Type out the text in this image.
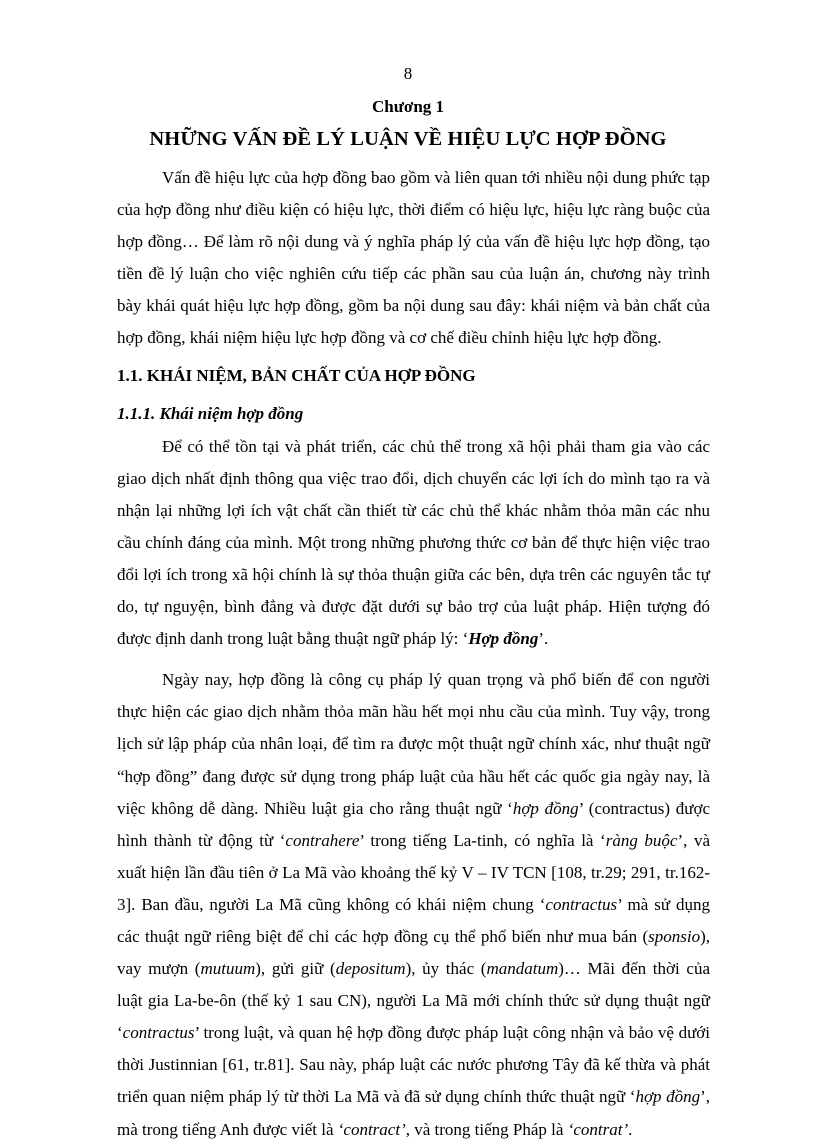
8
Chương 1
NHỮNG VẤN ĐỀ LÝ LUẬN VỀ HIỆU LỰC HỢP ĐỒNG

Vấn đề hiệu lực của hợp đồng bao gồm và liên quan tới nhiều nội dung phức tạp của hợp đồng như điều kiện có hiệu lực, thời điểm có hiệu lực, hiệu lực ràng buộc của hợp đồng… Để làm rõ nội dung và ý nghĩa pháp lý của vấn đề hiệu lực hợp đồng, tạo tiền đề lý luận cho việc nghiên cứu tiếp các phần sau của luận án, chương này trình bày khái quát hiệu lực hợp đồng, gồm ba nội dung sau đây: khái niệm và bản chất của hợp đồng, khái niệm hiệu lực hợp đồng và cơ chế điều chỉnh hiệu lực hợp đồng.

1.1. KHÁI NIỆM, BẢN CHẤT CỦA HỢP ĐỒNG
1.1.1. Khái niệm hợp đồng

Để có thể tồn tại và phát triển, các chủ thể trong xã hội phải tham gia vào các giao dịch nhất định thông qua việc trao đổi, dịch chuyển các lợi ích do mình tạo ra và nhận lại những lợi ích vật chất cần thiết từ các chủ thể khác nhằm thỏa mãn các nhu cầu chính đáng của mình. Một trong những phương thức cơ bản để thực hiện việc trao đổi lợi ích trong xã hội chính là sự thỏa thuận giữa các bên, dựa trên các nguyên tắc tự do, tự nguyện, bình đẳng và được đặt dưới sự bảo trợ của luật pháp. Hiện tượng đó được định danh trong luật bằng thuật ngữ pháp lý: ‘Hợp đồng’.

Ngày nay, hợp đồng là công cụ pháp lý quan trọng và phổ biến để con người thực hiện các giao dịch nhằm thỏa mãn hầu hết mọi nhu cầu của mình. Tuy vậy, trong lịch sử lập pháp của nhân loại, để tìm ra được một thuật ngữ chính xác, như thuật ngữ “hợp đồng” đang được sử dụng trong pháp luật của hầu hết các quốc gia ngày nay, là việc không dễ dàng. Nhiều luật gia cho rằng thuật ngữ ‘hợp đồng’ (contractus) được hình thành từ động từ ‘contrahere’ trong tiếng La-tinh, có nghĩa là ‘ràng buộc’, và xuất hiện lần đầu tiên ở La Mã vào khoảng thế kỷ V – IV TCN [108, tr.29; 291, tr.162-3]. Ban đầu, người La Mã cũng không có khái niệm chung ‘contractus’ mà sử dụng các thuật ngữ riêng biệt để chỉ các hợp đồng cụ thể phổ biến như mua bán (sponsio), vay mượn (mutuum), gửi giữ (depositum), ủy thác (mandatum)… Mãi đến thời của luật gia La-be-ôn (thế kỷ 1 sau CN), người La Mã mới chính thức sử dụng thuật ngữ ‘contractus’ trong luật, và quan hệ hợp đồng được pháp luật công nhận và bảo vệ dưới thời Justinnian [61, tr.81]. Sau này, pháp luật các nước phương Tây đã kế thừa và phát triển quan niệm pháp lý từ thời La Mã và đã sử dụng chính thức thuật ngữ ‘hợp đồng’, mà trong tiếng Anh được viết là ‘contract’, và trong tiếng Pháp là ‘contrat’.
